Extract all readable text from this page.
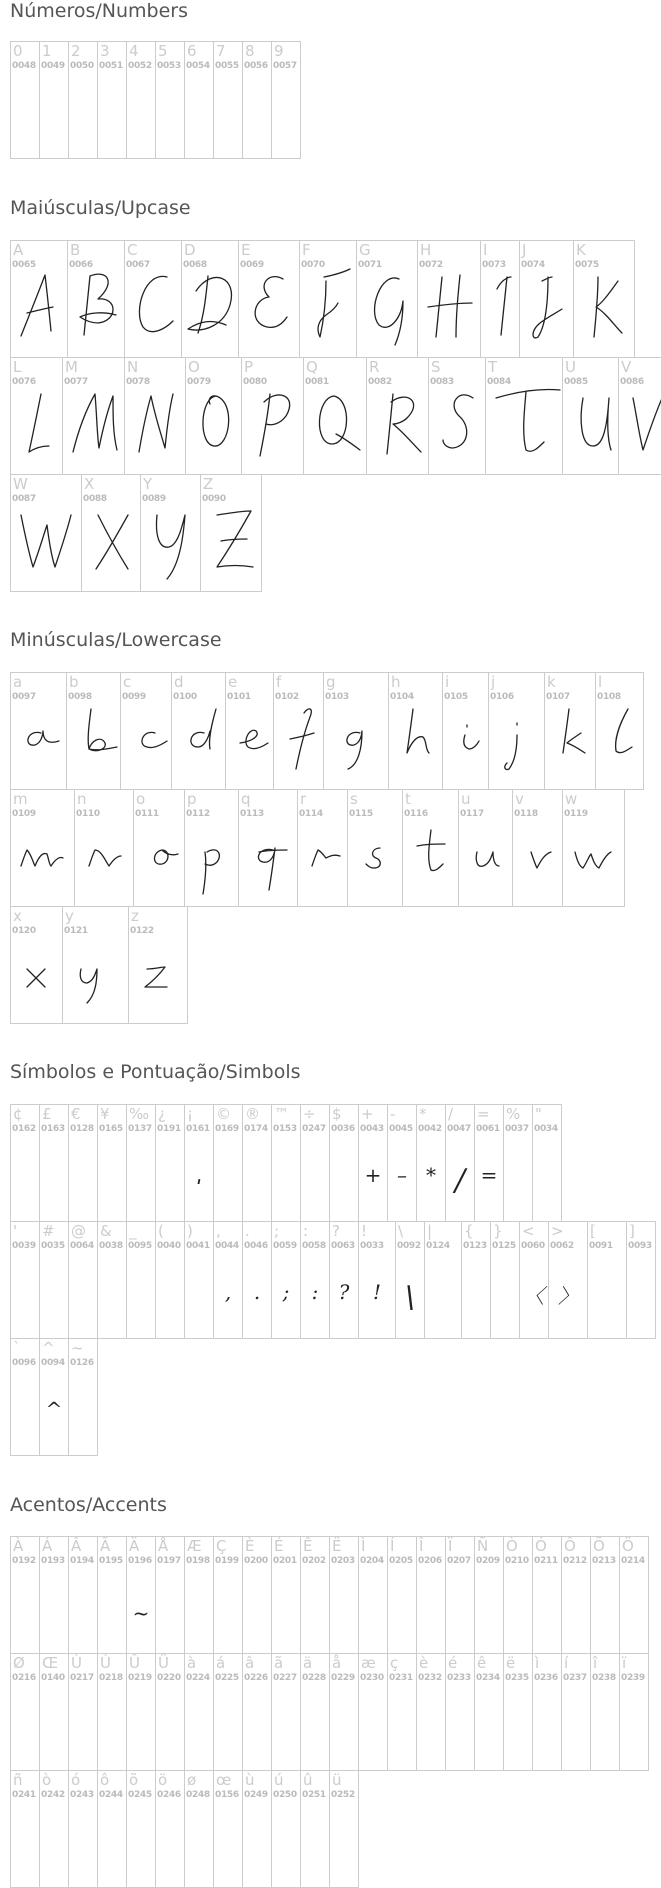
Números/Numbers
0
0048
1
0049
2
0050
3
0051
4
0052
5
0053
6
0054
7
0055
8
0056
9
0057
Maiúsculas/Upcase
A
0065
B
0066
C
0067
D
0068
E
0069
F
0070
G
0071
H
0072
I
0073
J
0074
K
0075
L
0076
M
0077
N
0078
O
0079
P
0080
Q
0081
R
0082
S
0083
T
0084
U
0085
V
0086
W
0087
X
0088
Y
0089
Z
0090
Minúsculas/Lowercase
a
0097
b
0098
c
0099
d
0100
e
0101
f
0102
g
0103
h
0104
i
0105
j
0106
k
0107
l
0108
m
0109
n
0110
o
0111
p
0112
q
0113
r
0114
s
0115
t
0116
u
0117
v
0118
w
0119
x
0120
y
0121
z
0122
Símbolos e Pontuação/Simbols
¢
0162
£
0163
€
0128
¥
0165
‰
0137
¿
0191
¡
0161
ˌ
©
0169
®
0174
™
0153
÷
0247
$
0036
+
0043
+
-
0045
–
*
0042
*
/
0047
/
=
0061
=
%
0037
"
0034
'
0039
#
0035
@
0064
&
0038
_
0095
(
0040
)
0041
,
0044
,
.
0046
.
;
0059
;
:
0058
:
?
0063
?
!
0033
!
\
0092
\
|
0124
{
0123
}
0125
<
0060
〈
>
0062
〉
[
0091
]
0093
`
0096
^
0094
^
~
0126
Acentos/Accents
À
0192
Á
0193
Â
0194
Ã
0195
Ä
0196
~
Å
0197
Æ
0198
Ç
0199
È
0200
É
0201
Ê
0202
Ë
0203
Ì
0204
Í
0205
Î
0206
Ï
0207
Ñ
0209
Ò
0210
Ó
0211
Ô
0212
Õ
0213
Ö
0214
Ø
0216
Œ
0140
Ù
0217
Ú
0218
Û
0219
Ü
0220
à
0224
á
0225
â
0226
ã
0227
ä
0228
å
0229
æ
0230
ç
0231
è
0232
é
0233
ê
0234
ë
0235
ì
0236
í
0237
î
0238
ï
0239
ñ
0241
ò
0242
ó
0243
ô
0244
õ
0245
ö
0246
ø
0248
œ
0156
ù
0249
ú
0250
û
0251
ü
0252
